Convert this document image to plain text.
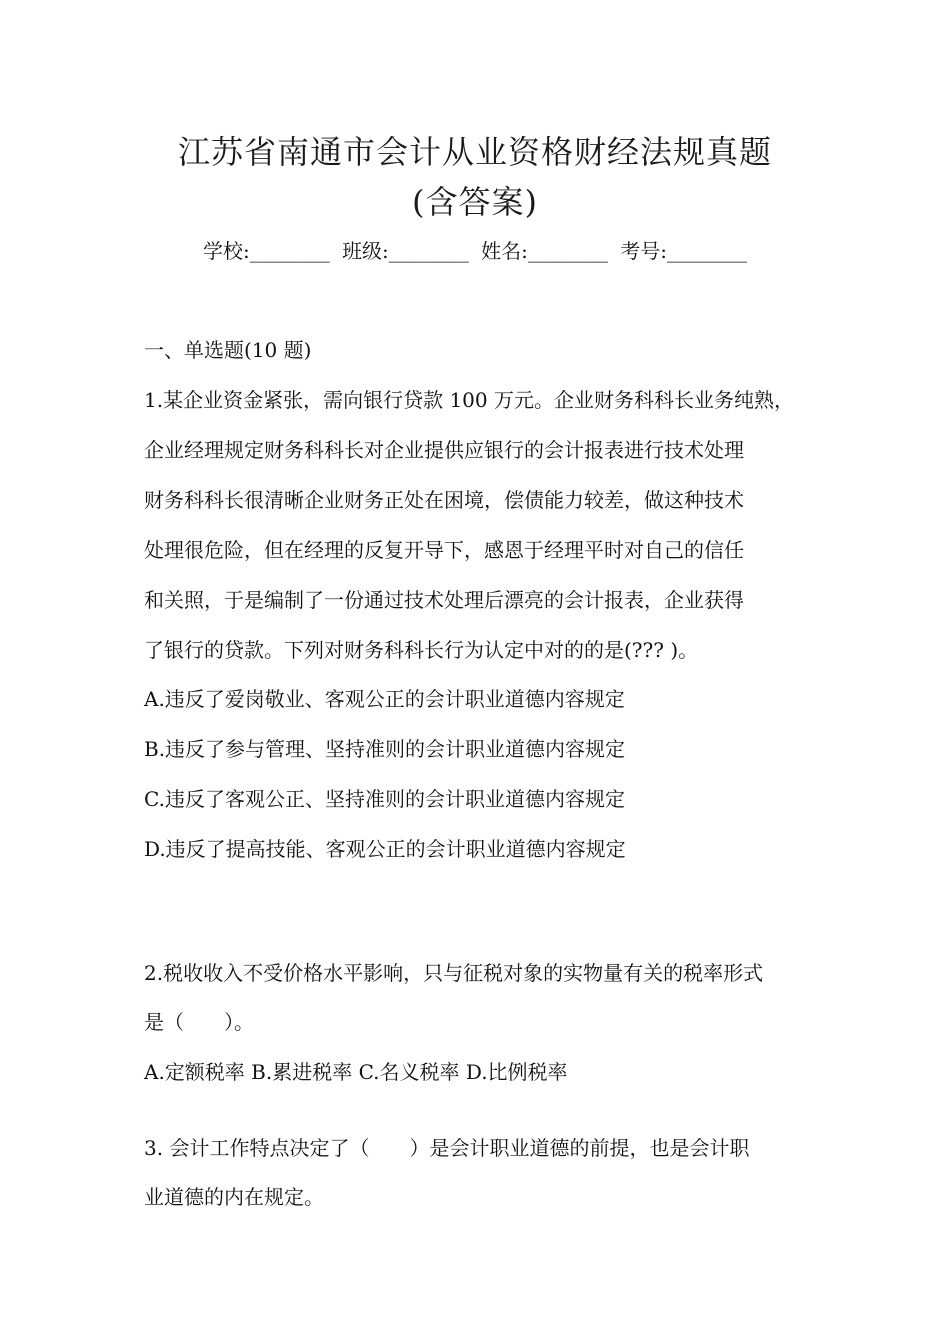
江苏省南通市会计从业资格财经法规真题
(含答案)
学校:________ 班级:________ 姓名:________ 考号:________
一、单选题(10 题)
1.某企业资金紧张，需向银行贷款 100 万元。企业财务科科长业务纯熟，
企业经理规定财务科科长对企业提供应银行的会计报表进行技术处理
财务科科长很清晰企业财务正处在困境，偿债能力较差，做这种技术
处理很危险，但在经理的反复开导下，感恩于经理平时对自己的信任
和关照，于是编制了一份通过技术处理后漂亮的会计报表，企业获得
了银行的贷款。下列对财务科科长行为认定中对的的是(??? )。
A.违反了爱岗敬业、客观公正的会计职业道德内容规定
B.违反了参与管理、坚持准则的会计职业道德内容规定
C.违反了客观公正、坚持准则的会计职业道德内容规定
D.违反了提高技能、客观公正的会计职业道德内容规定
2.税收收入不受价格水平影响，只与征税对象的实物量有关的税率形式
是（　　）。
A.定额税率 B.累进税率 C.名义税率 D.比例税率
3. 会计工作特点决定了（　　）是会计职业道德的前提，也是会计职
业道德的内在规定。
